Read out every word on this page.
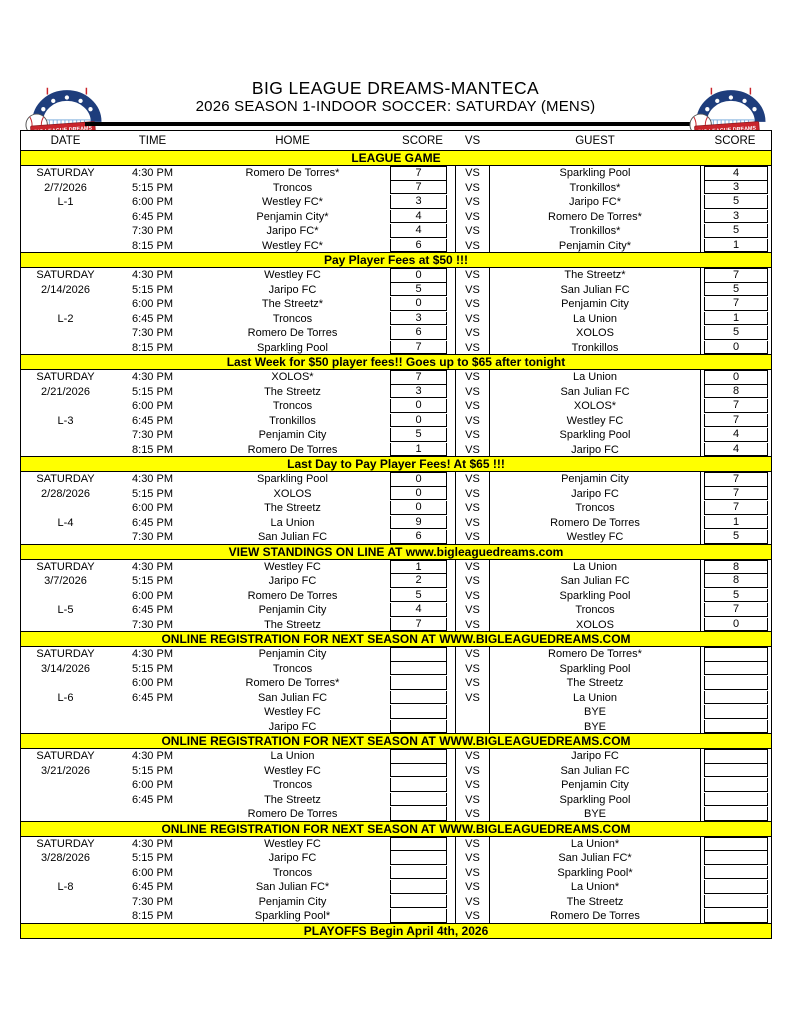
BIG LEAGUE DREAMS-MANTECA
2026 SEASON 1-INDOOR SOCCER: SATURDAY (MENS)
DATE	TIME	HOME	SCORE	VS	GUEST	SCORE
LEAGUE GAME
SATURDAY	4:30 PM	Romero De Torres*	7	VS	Sparkling Pool	4
2/7/2026	5:15 PM	Troncos	7	VS	Tronkillos*	3
L-1	6:00 PM	Westley FC*	3	VS	Jaripo FC*	5
6:45 PM	Penjamin City*	4	VS	Romero De Torres*	3
7:30 PM	Jaripo FC*	4	VS	Tronkillos*	5
8:15 PM	Westley FC*	6	VS	Penjamin City*	1
Pay Player Fees at $50 !!!
SATURDAY	4:30 PM	Westley FC	0	VS	The Streetz*	7
2/14/2026	5:15 PM	Jaripo FC	5	VS	San Julian FC	5
6:00 PM	The Streetz*	0	VS	Penjamin City	7
L-2	6:45 PM	Troncos	3	VS	La Union	1
7:30 PM	Romero De Torres	6	VS	XOLOS	5
8:15 PM	Sparkling Pool	7	VS	Tronkillos	0
Last Week for $50 player fees!! Goes up to $65 after tonight
SATURDAY	4:30 PM	XOLOS*	7	VS	La Union	0
2/21/2026	5:15 PM	The Streetz	3	VS	San Julian FC	8
6:00 PM	Troncos	0	VS	XOLOS*	7
L-3	6:45 PM	Tronkillos	0	VS	Westley FC	7
7:30 PM	Penjamin City	5	VS	Sparkling Pool	4
8:15 PM	Romero De Torres	1	VS	Jaripo FC	4
Last Day to Pay Player Fees! At $65 !!!
SATURDAY	4:30 PM	Sparkling Pool	0	VS	Penjamin City	7
2/28/2026	5:15 PM	XOLOS	0	VS	Jaripo FC	7
6:00 PM	The Streetz	0	VS	Troncos	7
L-4	6:45 PM	La Union	9	VS	Romero De Torres	1
7:30 PM	San Julian FC	6	VS	Westley FC	5
VIEW STANDINGS ON LINE AT www.bigleaguedreams.com
SATURDAY	4:30 PM	Westley FC	1	VS	La Union	8
3/7/2026	5:15 PM	Jaripo FC	2	VS	San Julian FC	8
6:00 PM	Romero De Torres	5	VS	Sparkling Pool	5
L-5	6:45 PM	Penjamin City	4	VS	Troncos	7
7:30 PM	The Streetz	7	VS	XOLOS	0
ONLINE REGISTRATION FOR NEXT SEASON AT WWW.BIGLEAGUEDREAMS.COM
SATURDAY	4:30 PM	Penjamin City	VS	Romero De Torres*
3/14/2026	5:15 PM	Troncos	VS	Sparkling Pool
6:00 PM	Romero De Torres*	VS	The Streetz
L-6	6:45 PM	San Julian FC	VS	La Union
Westley FC	BYE
Jaripo FC	BYE
ONLINE REGISTRATION FOR NEXT SEASON AT WWW.BIGLEAGUEDREAMS.COM
SATURDAY	4:30 PM	La Union	VS	Jaripo FC
3/21/2026	5:15 PM	Westley FC	VS	San Julian FC
6:00 PM	Troncos	VS	Penjamin City
6:45 PM	The Streetz	VS	Sparkling Pool
Romero De Torres	VS	BYE
ONLINE REGISTRATION FOR NEXT SEASON AT WWW.BIGLEAGUEDREAMS.COM
SATURDAY	4:30 PM	Westley FC	VS	La Union*
3/28/2026	5:15 PM	Jaripo FC	VS	San Julian FC*
6:00 PM	Troncos	VS	Sparkling Pool*
L-8	6:45 PM	San Julian FC*	VS	La Union*
7:30 PM	Penjamin City	VS	The Streetz
8:15 PM	Sparkling Pool*	VS	Romero De Torres
PLAYOFFS Begin April 4th, 2026
